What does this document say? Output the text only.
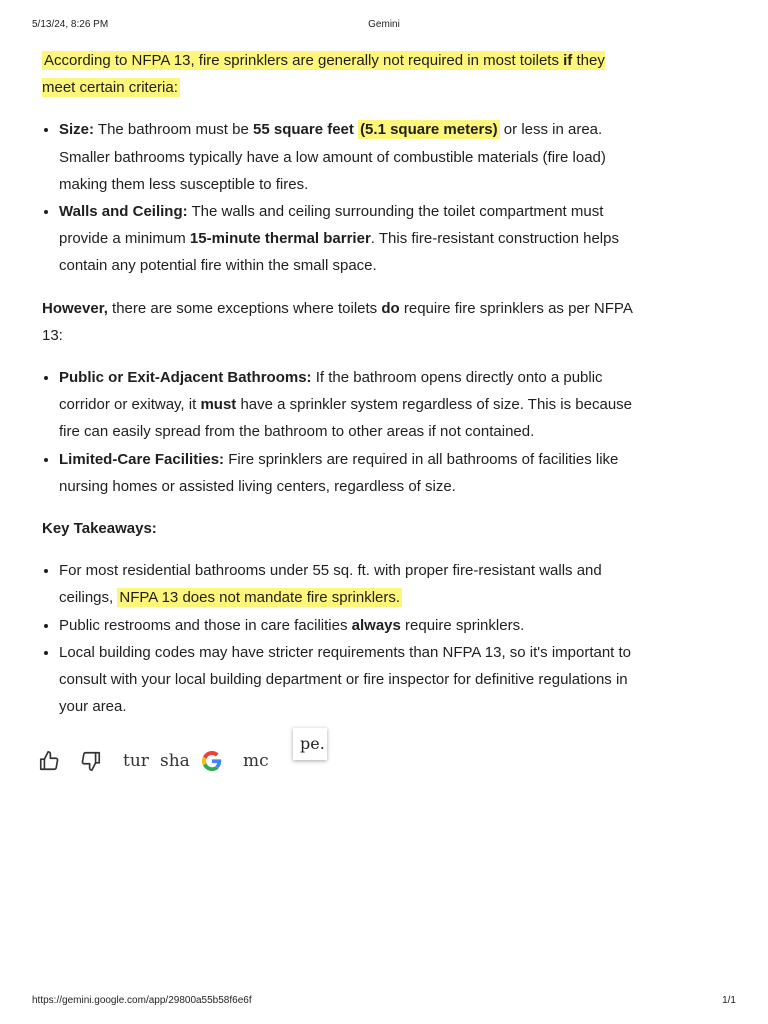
5/13/24, 8:26 PM	Gemini

According to NFPA 13, fire sprinklers are generally not required in most toilets if they meet certain criteria:

• Size: The bathroom must be 55 square feet (5.1 square meters) or less in area. Smaller bathrooms typically have a low amount of combustible materials (fire load) making them less susceptible to fires.
• Walls and Ceiling: The walls and ceiling surrounding the toilet compartment must provide a minimum 15-minute thermal barrier. This fire-resistant construction helps contain any potential fire within the small space.

However, there are some exceptions where toilets do require fire sprinklers as per NFPA 13:

• Public or Exit-Adjacent Bathrooms: If the bathroom opens directly onto a public corridor or exitway, it must have a sprinkler system regardless of size. This is because fire can easily spread from the bathroom to other areas if not contained.
• Limited-Care Facilities: Fire sprinklers are required in all bathrooms of facilities like nursing homes or assisted living centers, regardless of size.

Key Takeaways:

• For most residential bathrooms under 55 sq. ft. with proper fire-resistant walls and ceilings, NFPA 13 does not mandate fire sprinklers.
• Public restrooms and those in care facilities always require sprinklers.
• Local building codes may have stricter requirements than NFPA 13, so it's important to consult with your local building department or fire inspector for definitive regulations in your area.
tur sha	mc
pe.
https://gemini.google.com/app/29800a55b58f6e6f	1/1
